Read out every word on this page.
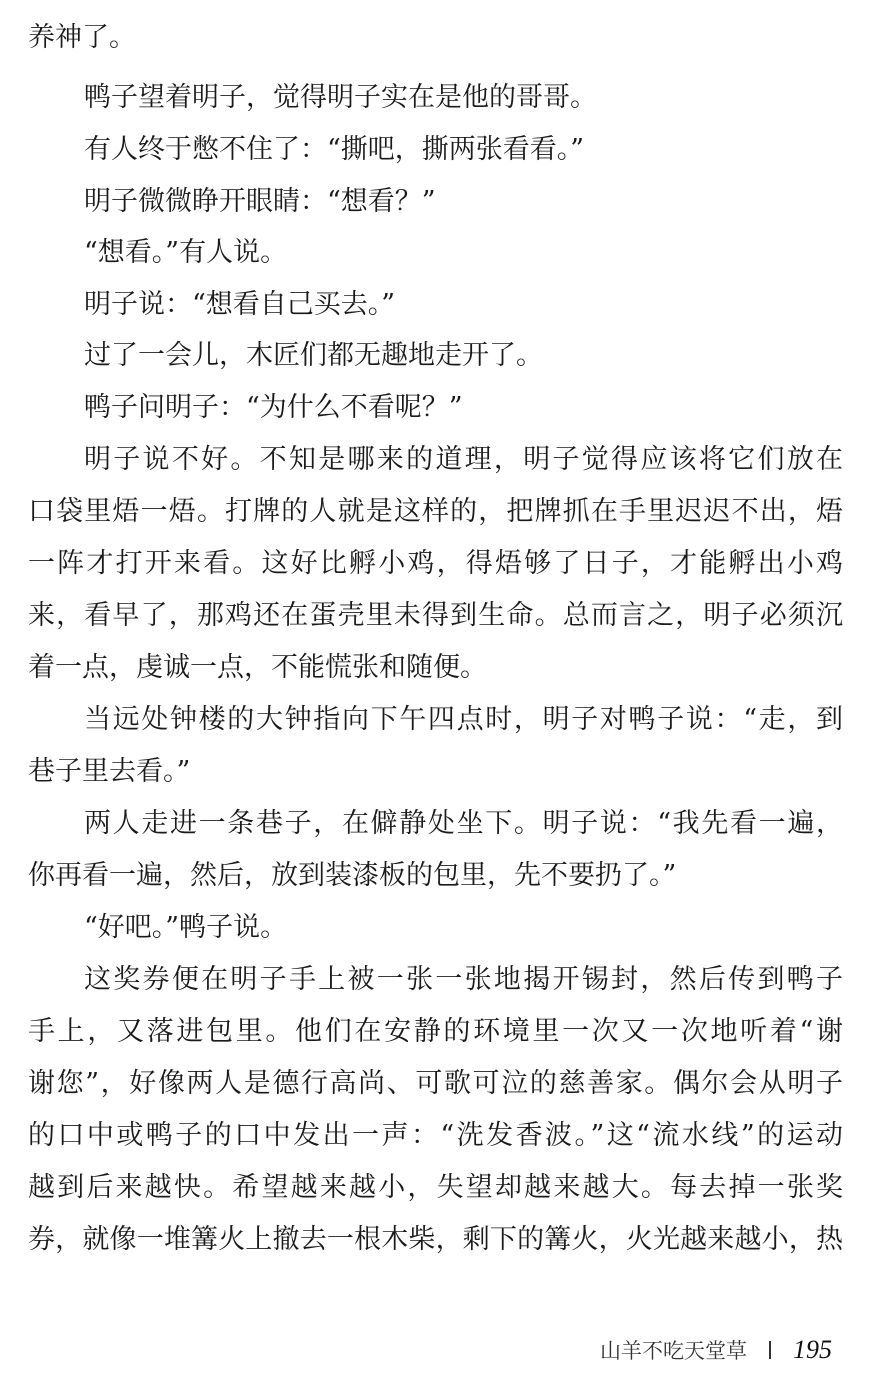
养神了。
鸭子望着明子，觉得明子实在是他的哥哥。
有人终于憋不住了：“撕吧，撕两张看看。”
明子微微睁开眼睛：“想看？”
“想看。”有人说。
明子说：“想看自己买去。”
过了一会儿，木匠们都无趣地走开了。
鸭子问明子：“为什么不看呢？”
明子说不好。不知是哪来的道理，明子觉得应该将它们放在
口袋里焐一焐。打牌的人就是这样的，把牌抓在手里迟迟不出，焐
一阵才打开来看。这好比孵小鸡，得焐够了日子，才能孵出小鸡
来，看早了，那鸡还在蛋壳里未得到生命。总而言之，明子必须沉
着一点，虔诚一点，不能慌张和随便。
当远处钟楼的大钟指向下午四点时，明子对鸭子说：“走，到
巷子里去看。”
两人走进一条巷子，在僻静处坐下。明子说：“我先看一遍，
你再看一遍，然后，放到装漆板的包里，先不要扔了。”
“好吧。”鸭子说。
这奖券便在明子手上被一张一张地揭开锡封，然后传到鸭子
手上，又落进包里。他们在安静的环境里一次又一次地听着“谢
谢您”，好像两人是德行高尚、可歌可泣的慈善家。偶尔会从明子
的口中或鸭子的口中发出一声：“洗发香波。”这“流水线”的运动
越到后来越快。希望越来越小，失望却越来越大。每去掉一张奖
券，就像一堆篝火上撤去一根木柴，剩下的篝火，火光越来越小，热
山羊不吃天堂草 195
